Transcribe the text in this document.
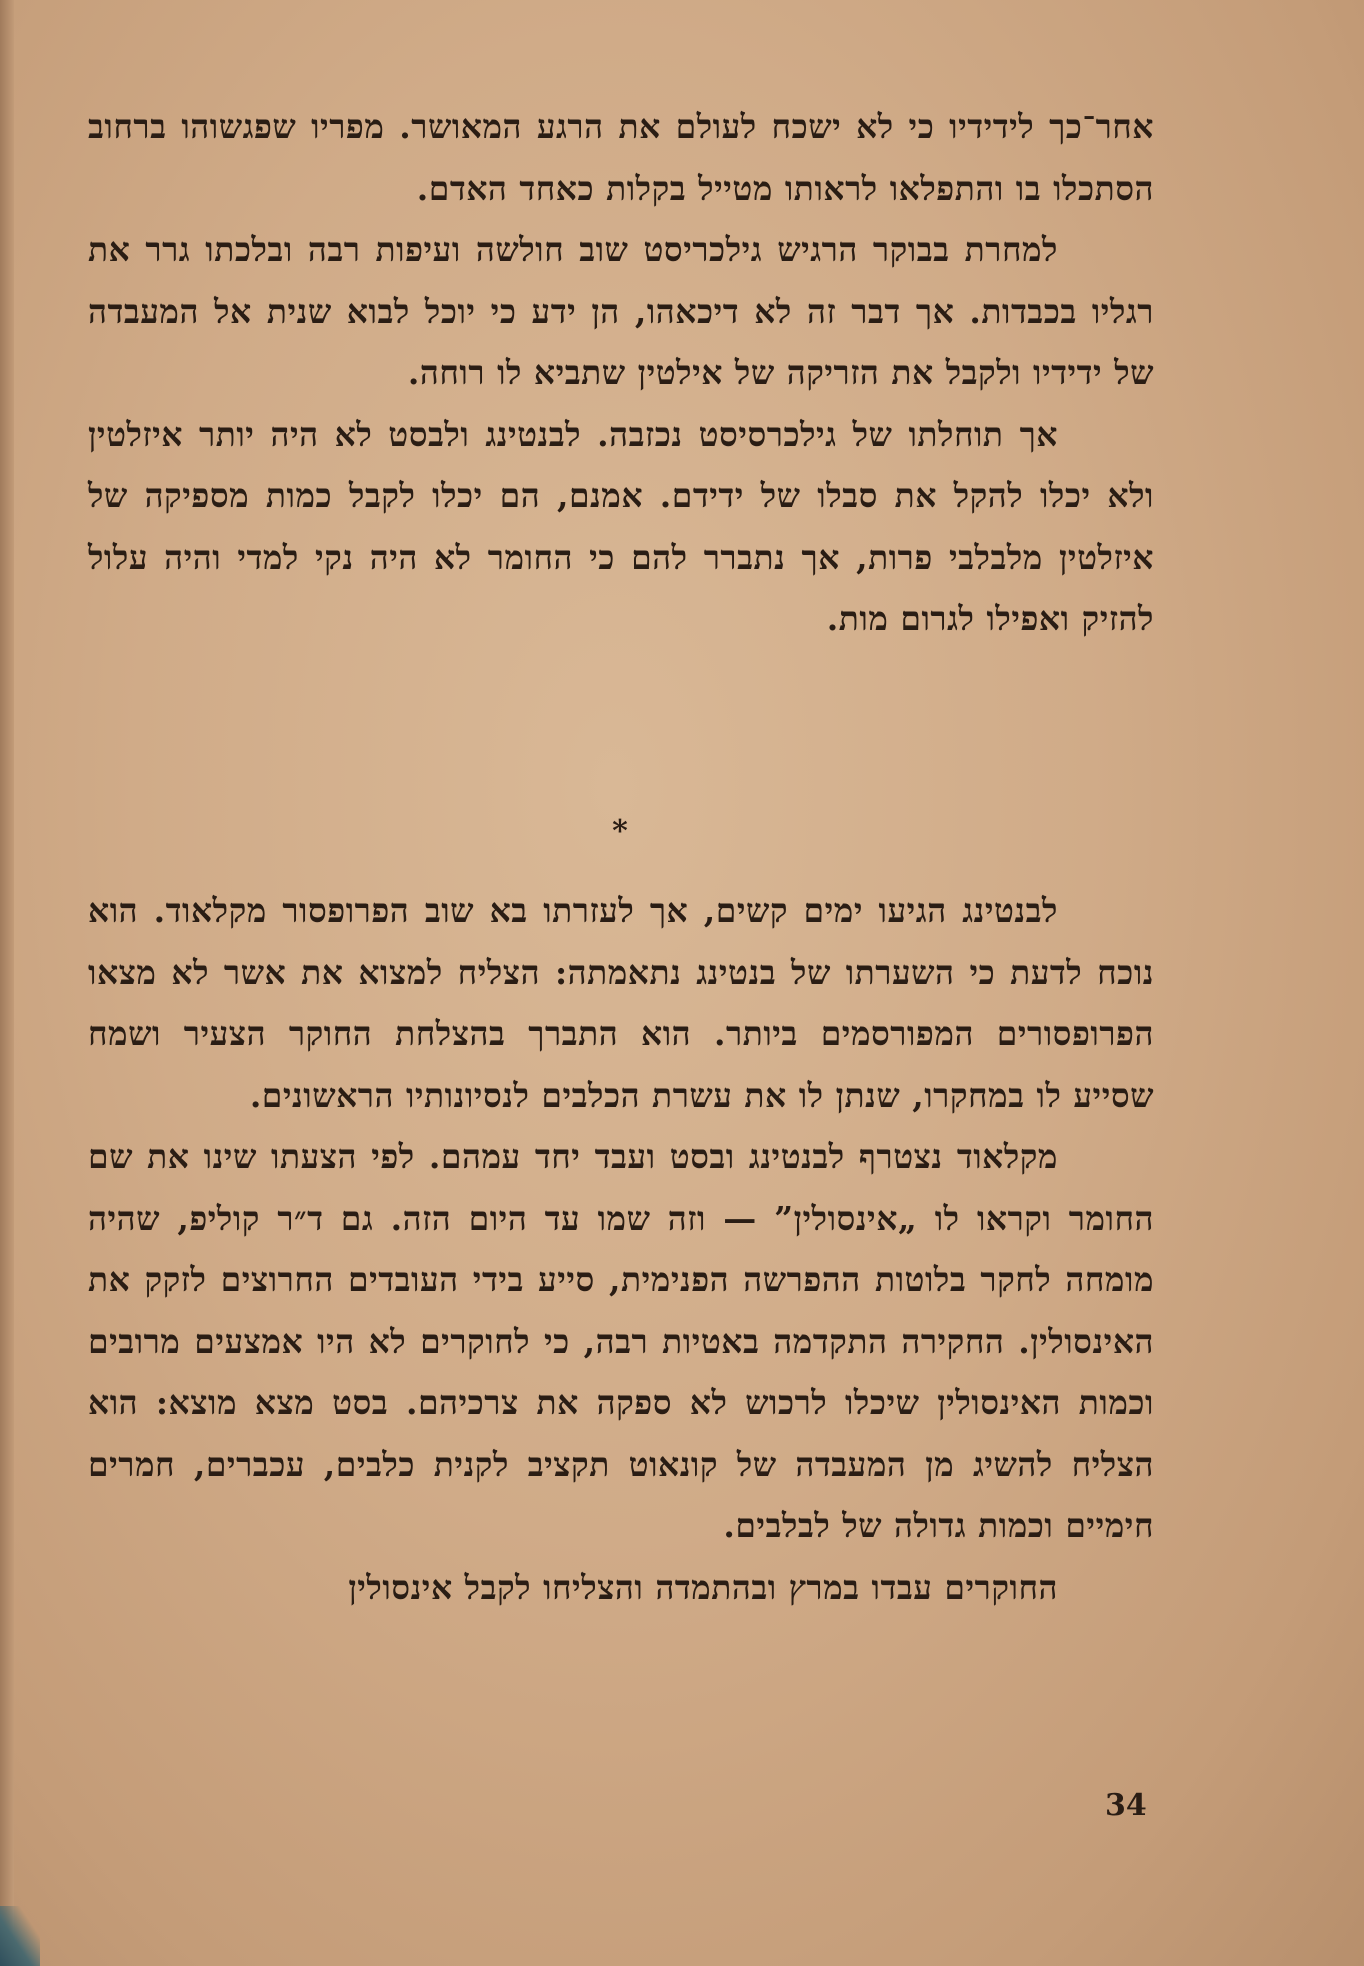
אחר־כך לידידיו כי לא ישכח לעולם את הרגע המאושר. מפריו שפגשוהו ברחוב הסתכלו בו והתפלאו לראותו מטייל בקלות כאחד האדם.

למחרת בבוקר הרגיש גילכריסט שוב חולשה ועיפות רבה ובלכתו גרר את רגליו בכבדות. אך דבר זה לא דיכאהו, הן ידע כי יוכל לבוא שנית אל המעבדה של ידידיו ולקבל את הזריקה של אילטין שתביא לו רוחה.

אך תוחלתו של גילכרסיסט נכזבה. לבנטינג ולבסט לא היה יותר איזלטין ולא יכלו להקל את סבלו של ידידם. אמנם, הם יכלו לקבל כמות מספיקה של איזלטין מלבלבי פרות, אך נתברר להם כי החומר לא היה נקי למדי והיה עלול להזיק ואפילו לגרום מות.

*

לבנטינג הגיעו ימים קשים, אך לעזרתו בא שוב הפרופסור מקלאוד. הוא נוכח לדעת כי השערתו של בנטינג נתאמתה: הצליח למצוא את אשר לא מצאו הפרופסורים המפורסמים ביותר. הוא התברך בהצלחת החוקר הצעיר ושמח שסייע לו במחקרו, שנתן לו את עשרת הכלבים לנסיונותיו הראשונים.

מקלאוד נצטרף לבנטינג ובסט ועבד יחד עמהם. לפי הצעתו שינו את שם החומר וקראו לו „אינסולין” — וזה שמו עד היום הזה. גם ד״ר קוליפ, שהיה מומחה לחקר בלוטות ההפרשה הפנימית, סייע בידי העובדים החרוצים לזקק את האינסולין. החקירה התקדמה באטיות רבה, כי לחוקרים לא היו אמצעים מרובים וכמות האינסולין שיכלו לרכוש לא ספקה את צרכיהם. בסט מצא מוצא: הוא הצליח להשיג מן המעבדה של קונאוט תקציב לקנית כלבים, עכברים, חמרים חימיים וכמות גדולה של לבלבים.

החוקרים עבדו במרץ ובהתמדה והצליחו לקבל אינסולין

34
